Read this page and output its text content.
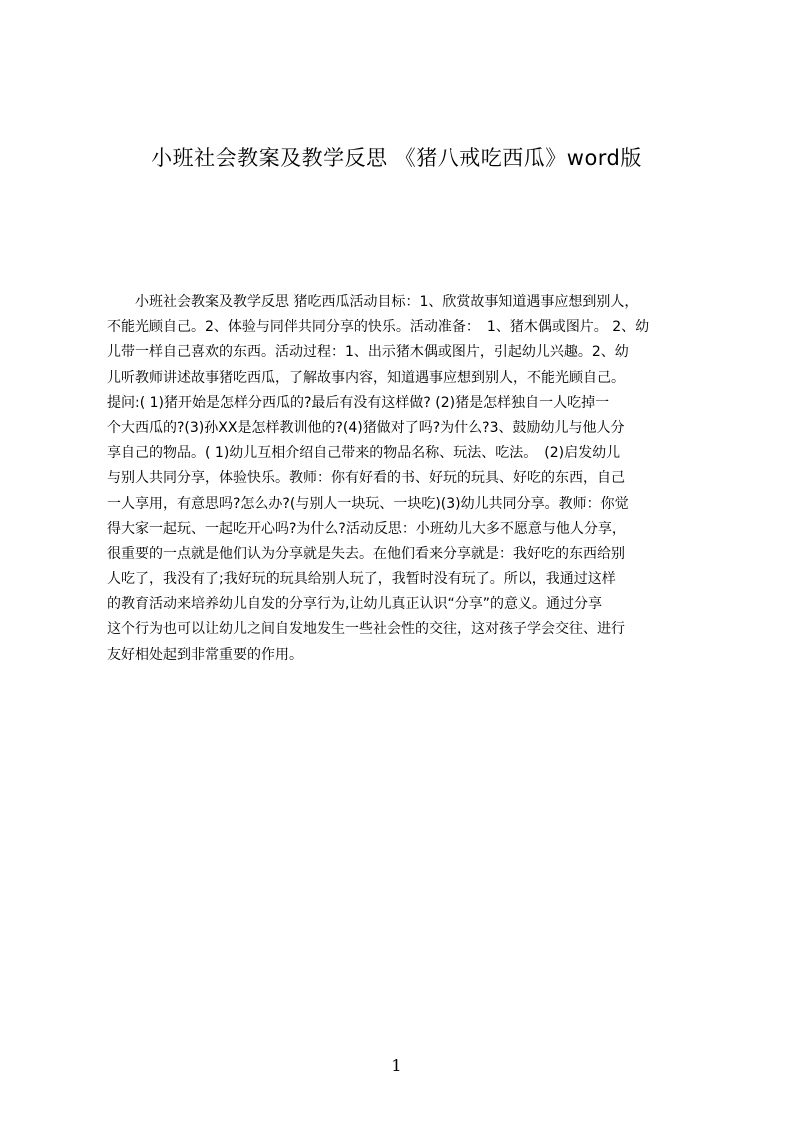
小班社会教案及教学反思 《猪八戒吃西瓜》word版
　　小班社会教案及教学反思 猪吃西瓜活动目标：1、欣赏故事知道遇事应想到别人，
不能光顾自己。2、体验与同伴共同分享的快乐。活动准备：　1、猪木偶或图片。 2、幼
儿带一样自己喜欢的东西。活动过程：1、出示猪木偶或图片，引起幼儿兴趣。2、幼
儿听教师讲述故事猪吃西瓜，了解故事内容，知道遇事应想到别人，不能光顾自己。
提问:( 1)猪开始是怎样分西瓜的?最后有没有这样做? (2)猪是怎样独自一人吃掉一
个大西瓜的?(3)孙XX是怎样教训他的?(4)猪做对了吗?为什么?3、鼓励幼儿与他人分
享自己的物品。( 1)幼儿互相介绍自己带来的物品名称、玩法、吃法。　(2)启发幼儿
与别人共同分享，体验快乐。教师：你有好看的书、好玩的玩具、好吃的东西，自己
一人享用，有意思吗?怎么办?(与别人一块玩、一块吃)(3)幼儿共同分享。教师：你觉
得大家一起玩、一起吃开心吗?为什么?活动反思：小班幼儿大多不愿意与他人分享，
很重要的一点就是他们认为分享就是失去。在他们看来分享就是：我好吃的东西给别
人吃了，我没有了;我好玩的玩具给别人玩了，我暂时没有玩了。所以，我通过这样
的教育活动来培养幼儿自发的分享行为,让幼儿真正认识“分享”的意义。通过分享
这个行为也可以让幼儿之间自发地发生一些社会性的交往，这对孩子学会交往、进行
友好相处起到非常重要的作用。
1
